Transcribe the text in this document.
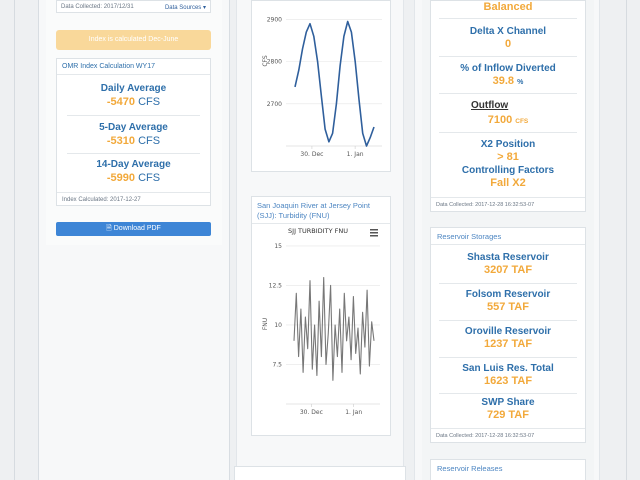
Data Collected: 2017/12/31	Data Sources ▾
Index is calculated Dec-June
OMR Index Calculation WY17
Daily Average
-5470 CFS
5-Day Average
-5310 CFS
14-Day Average
-5990 CFS
Index Calculated: 2017-12-27
🗎 Download PDF
CFS
2900
2800
2700
30. Dec	1. Jan
San Joaquin River at Jersey Point (SJJ): Turbidity (FNU)
SJJ TURBIDITY FNU
FNU
15
12.5
10
7.5
30. Dec	1. Jan
Balanced
Delta X Channel
0
% of Inflow Diverted
39.8 %
Outflow
7100 CFS
X2 Position
> 81
Controlling Factors
Fall X2
Data Collected: 2017-12-28 16:32:53-07
Reservoir Storages
Shasta Reservoir
3207 TAF
Folsom Reservoir
557 TAF
Oroville Reservoir
1237 TAF
San Luis Res. Total
1623 TAF
SWP Share
729 TAF
Data Collected: 2017-12-28 16:32:53-07
Reservoir Releases
